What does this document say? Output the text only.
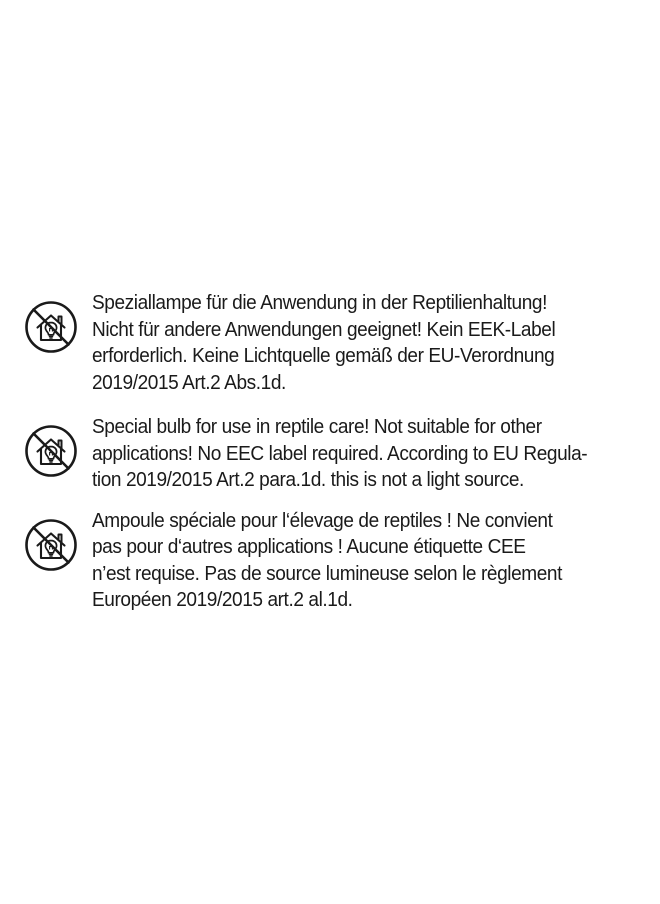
Speziallampe für die Anwendung in der Reptilienhaltung!
Nicht für andere Anwendungen geeignet! Kein EEK-Label
erforderlich. Keine Lichtquelle gemäß der EU-Verordnung
2019/2015 Art.2 Abs.1d.
Special bulb for use in reptile care! Not suitable for other
applications! No EEC label required. According to EU Regula-
tion 2019/2015 Art.2 para.1d. this is not a light source.
Ampoule spéciale pour l‘élevage de reptiles ! Ne convient
pas pour d‘autres applications ! Aucune étiquette CEE
n’est requise. Pas de source lumineuse selon le règlement
Européen 2019/2015 art.2 al.1d.
